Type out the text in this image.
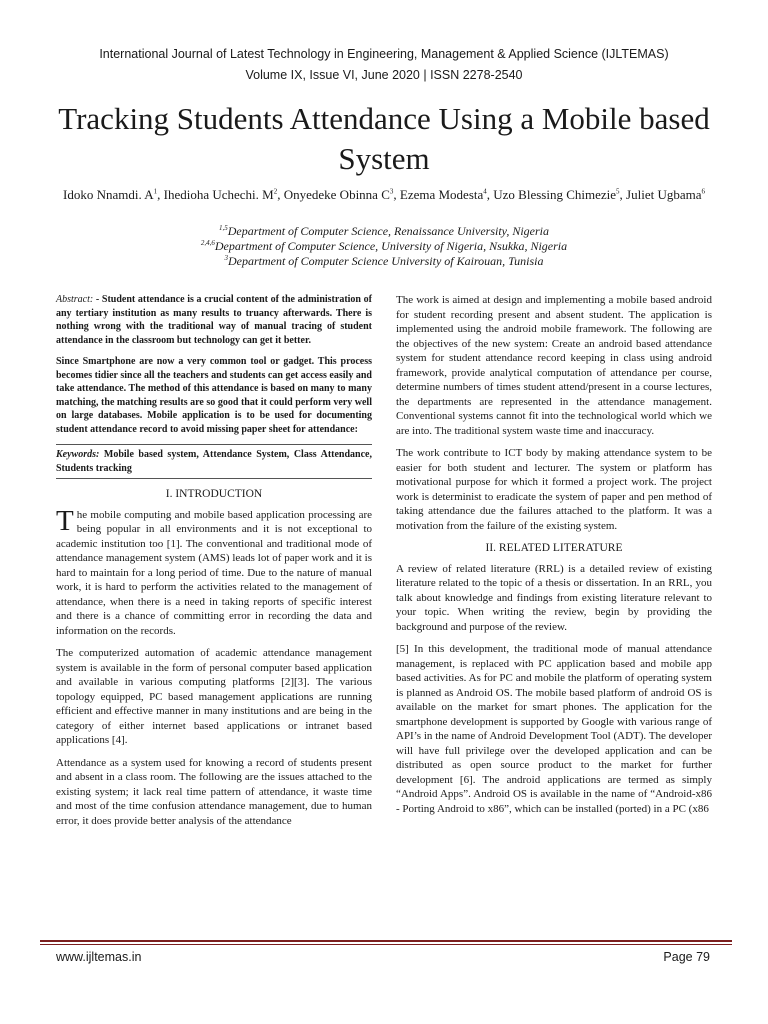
International Journal of Latest Technology in Engineering, Management & Applied Science (IJLTEMAS)
Volume IX, Issue VI, June 2020 | ISSN 2278-2540
Tracking Students Attendance Using a Mobile based System
Idoko Nnamdi. $A^1$, Ihedioha Uchechi. $M^2$, Onyedeke Obinna $C^3$, Ezema Modesta$^4$, Uzo Blessing Chimezie$^5$, Juliet Ugbama$^6$
$^{1,5}$Department of Computer Science, Renaissance University, Nigeria
$^{2,4,6}$Department of Computer Science, University of Nigeria, Nsukka, Nigeria
$^3$Department of Computer Science University of Kairouan, Tunisia

Abstract: - Student attendance is a crucial content of the administration of any tertiary institution as many results to truancy afterwards. There is nothing wrong with the traditional way of manual tracing of student attendance in the classroom but technology can get it better.

Since Smartphone are now a very common tool or gadget. This process becomes tidier since all the teachers and students can get access easily and take attendance. The method of this attendance is based on many to many matching, the matching results are so good that it could perform very well on large databases. Mobile application is to be used for documenting student attendance record to avoid missing paper sheet for attendance:

Keywords: Mobile based system, Attendance System, Class Attendance, Students tracking

I. INTRODUCTION

The mobile computing and mobile based application processing are being popular in all environments and it is not exceptional to academic institution too [1]. The conventional and traditional mode of attendance management system (AMS) leads lot of paper work and it is hard to maintain for a long period of time. Due to the nature of manual work, it is hard to perform the activities related to the management of attendance, when there is a need in taking reports of specific interest and there is a chance of committing error in recording the data and information on the records.

The computerized automation of academic attendance management system is available in the form of personal computer based application and available in various computing platforms [2][3]. The various topology equipped, PC based management applications are running efficient and effective manner in many institutions and are being in the category of either internet based applications or intranet based applications [4].

Attendance as a system used for knowing a record of students present and absent in a class room. The following are the issues attached to the existing system; it lack real time pattern of attendance, it waste time and most of the time confusion attendance management, due to human error, it does provide better analysis of the attendance

The work is aimed at design and implementing a mobile based android for student recording present and absent student. The application is implemented using the android mobile framework. The following are the objectives of the new system: Create an android based attendance system for student attendance record keeping in class using android framework, provide analytical computation of attendance per course, determine numbers of times student attend/present in a course lectures, the departments are represented in the attendance management. Conventional systems cannot fit into the technological world which we are into. The traditional system waste time and inaccuracy.

The work contribute to ICT body by making attendance system to be easier for both student and lecturer. The system or platform has motivational purpose for which it formed a project work. The project work is determinist to eradicate the system of paper and pen method of taking attendance due the failures attached to the platform. It was a motivation from the failure of the existing system.

II. RELATED LITERATURE

A review of related literature (RRL) is a detailed review of existing literature related to the topic of a thesis or dissertation. In an RRL, you talk about knowledge and findings from existing literature relevant to your topic. When writing the review, begin by providing the background and purpose of the review.

[5] In this development, the traditional mode of manual attendance management, is replaced with PC application based and mobile app based activities. As for PC and mobile the platform of operating system is planned as Android OS. The mobile based platform of android OS is available on the market for smart phones. The application for the smartphone development is supported by Google with various range of API’s in the name of Android Development Tool (ADT). The developer will have full privilege over the developed application and can be distributed as open source product to the market for further development [6]. The android applications are termed as simply “Android Apps”. Android OS is available in the name of “Android-x86 - Porting Android to x86”, which can be installed (ported) in a PC (x86

www.ijltemas.in	Page 79
